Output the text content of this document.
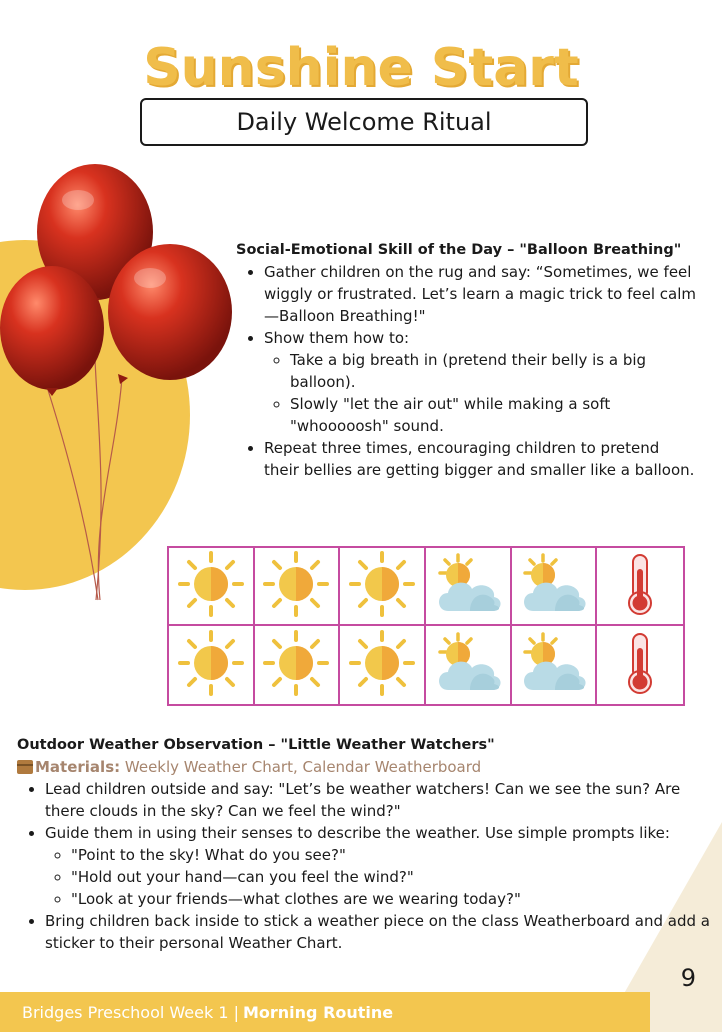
Sunshine Start
Daily Welcome Ritual
Social-Emotional Skill of the Day – "Balloon Breathing"
• Gather children on the rug and say: “Sometimes, we feel wiggly or frustrated. Let’s learn a magic trick to feel calm—Balloon Breathing!"
• Show them how to:
◦ Take a big breath in (pretend their belly is a big balloon).
◦ Slowly "let the air out" while making a soft "whooooosh" sound.
• Repeat three times, encouraging children to pretend their bellies are getting bigger and smaller like a balloon.
Outdoor Weather Observation – "Little Weather Watchers"
Materials: Weekly Weather Chart, Calendar Weatherboard
• Lead children outside and say: "Let’s be weather watchers! Can we see the sun? Are there clouds in the sky? Can we feel the wind?"
• Guide them in using their senses to describe the weather. Use simple prompts like:
◦ "Point to the sky! What do you see?"
◦ "Hold out your hand—can you feel the wind?"
◦ "Look at your friends—what clothes are we wearing today?"
• Bring children back inside to stick a weather piece on the class Weatherboard and add a sticker to their personal Weather Chart.
9
Bridges Preschool Week 1 | Morning Routine
